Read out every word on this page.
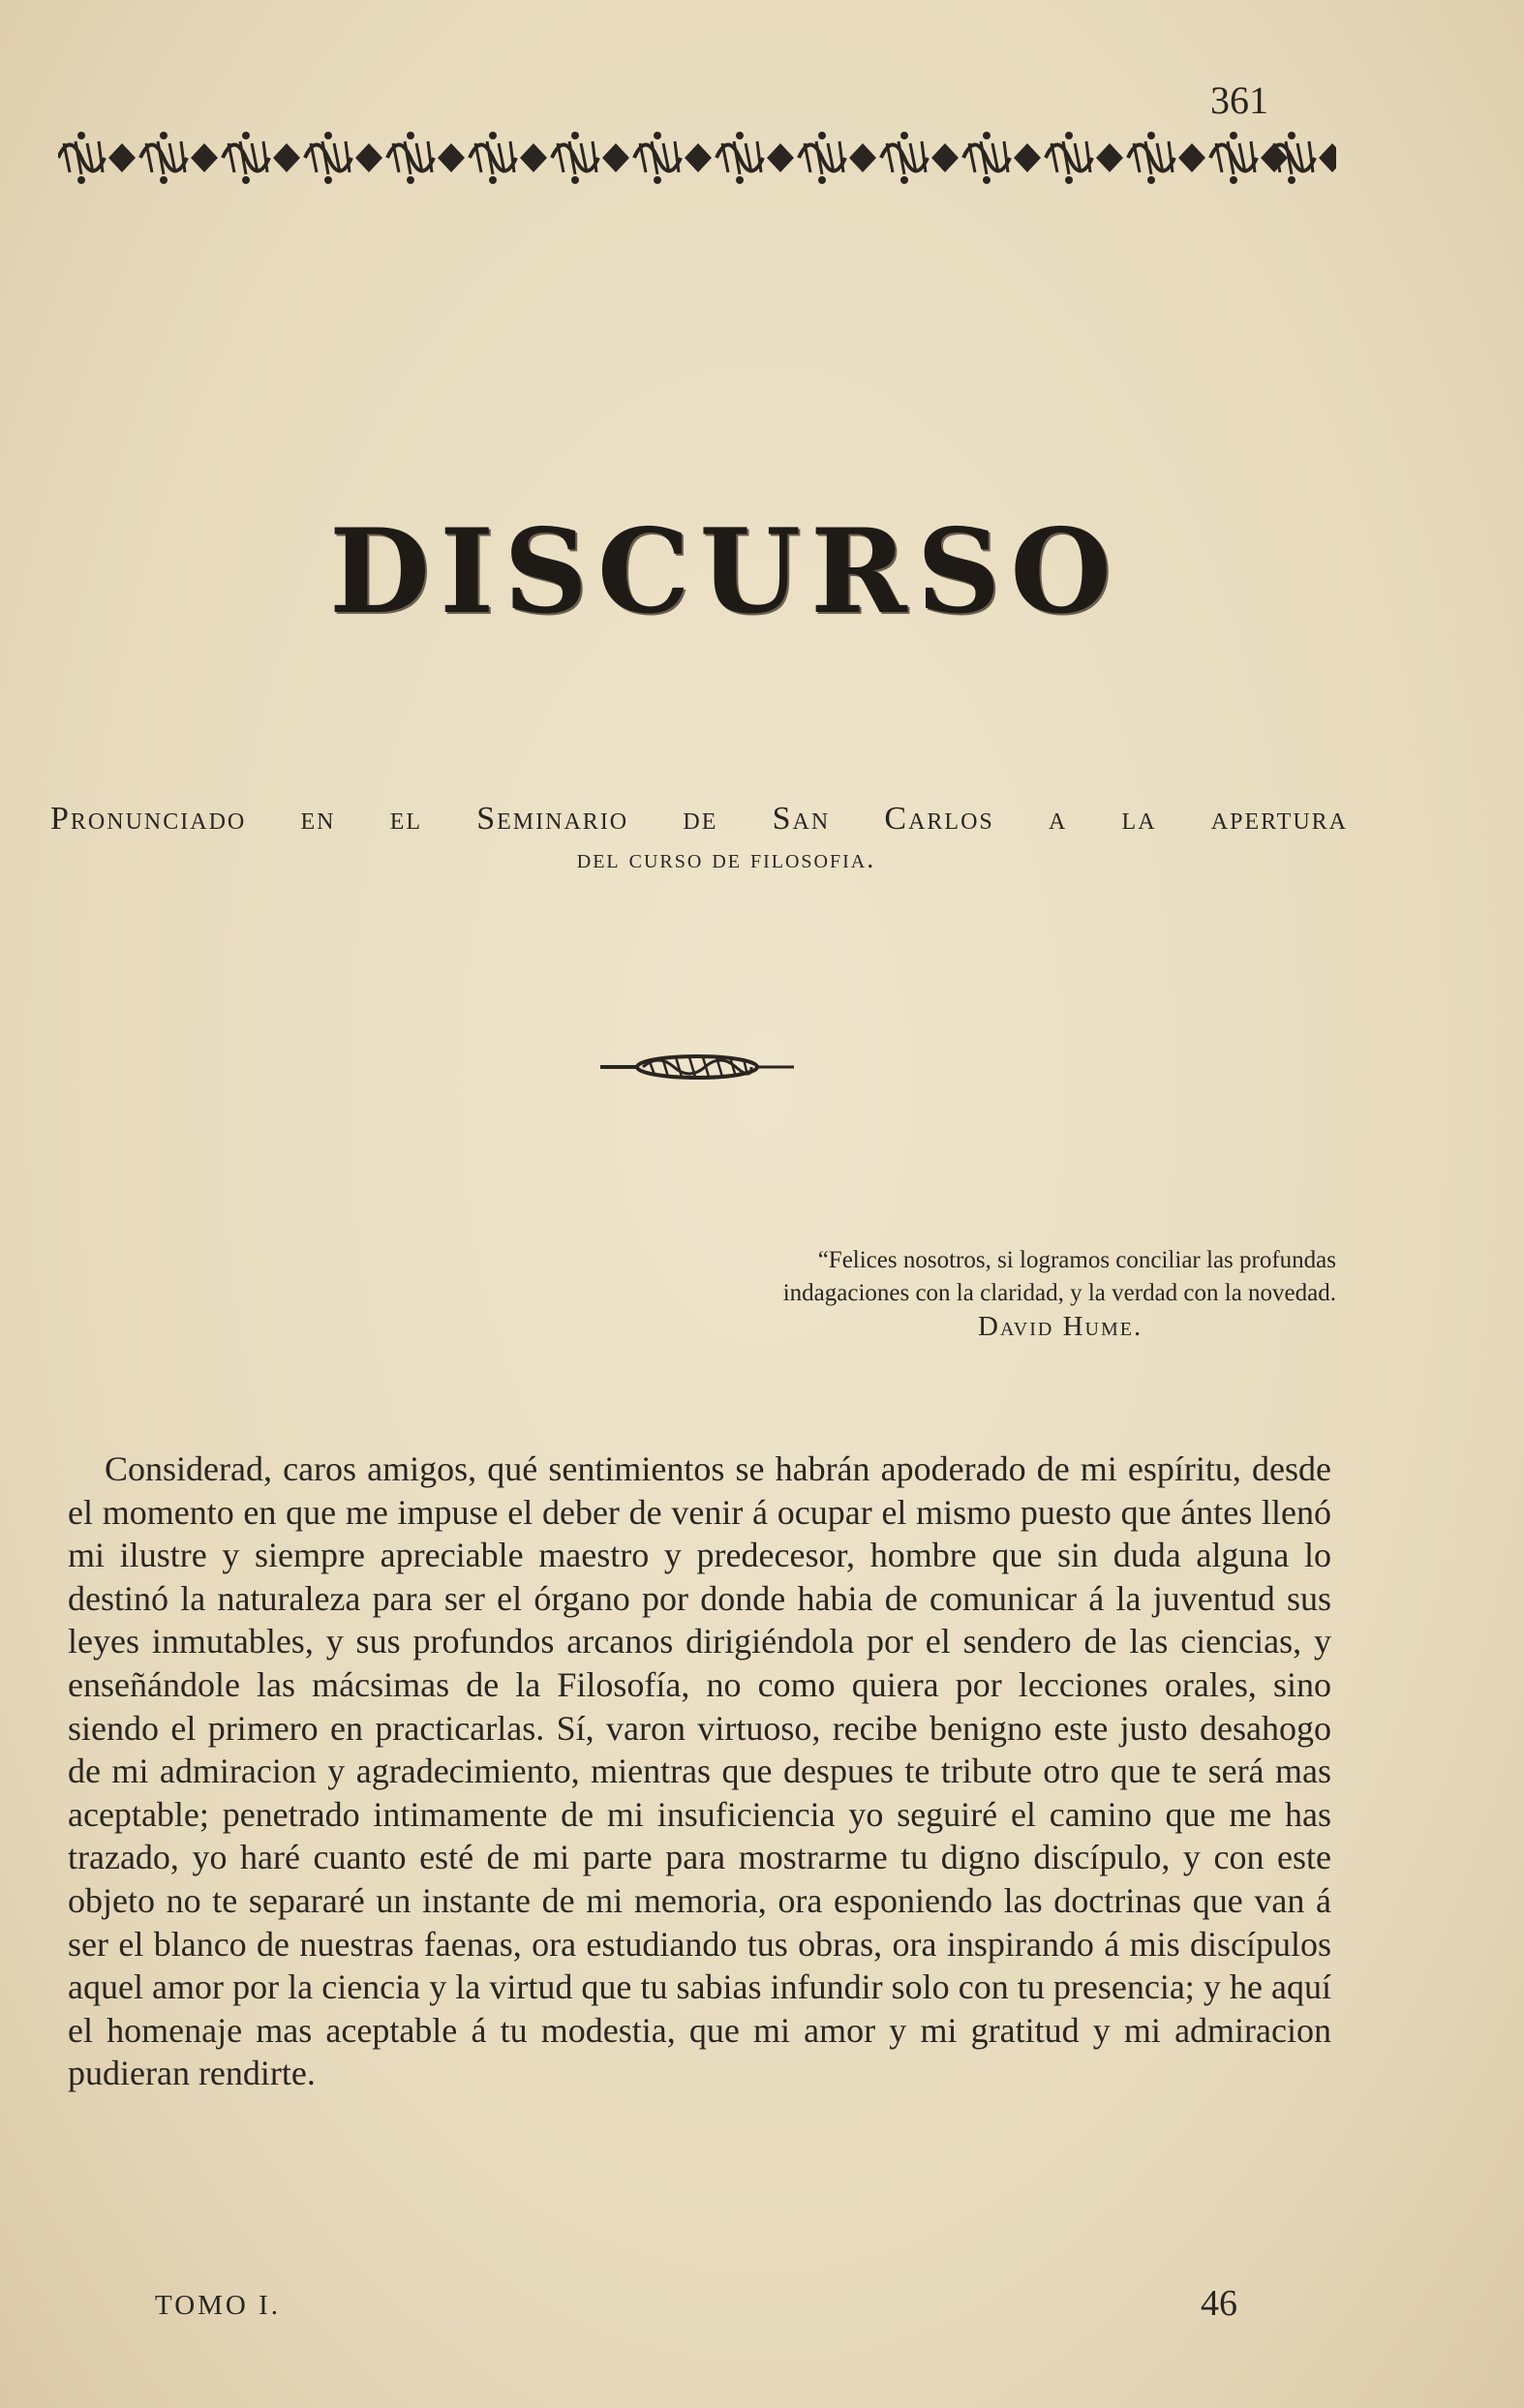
361
DISCURSO
Pronunciado en el Seminario de San Carlos a la apertura
del curso de filosofia.
“Felices nosotros, si logramos conciliar las profundas
indagaciones con la claridad, y la verdad con la novedad.
David Hume.

Considerad, caros amigos, qué sentimientos se habrán apoderado de mi espíritu, desde el momento en que me impuse el deber de venir á ocupar el mismo puesto que ántes llenó mi ilustre y siempre apreciable maestro y predecesor, hombre que sin duda alguna lo destinó la naturaleza para ser el órgano por donde habia de comunicar á la juventud sus leyes inmutables, y sus profundos arcanos dirigiéndola por el sendero de las ciencias, y enseñándole las mácsimas de la Filosofía, no como quiera por lecciones orales, sino siendo el primero en practicarlas. Sí, varon virtuoso, recibe benigno este justo desahogo de mi admiracion y agradecimiento, mientras que despues te tribute otro que te será mas aceptable; penetrado intimamente de mi insuficiencia yo seguiré el camino que me has trazado, yo haré cuanto esté de mi parte para mostrarme tu digno discípulo, y con este objeto no te separaré un instante de mi memoria, ora esponiendo las doctrinas que van á ser el blanco de nuestras faenas, ora estudiando tus obras, ora inspirando á mis discípulos aquel amor por la ciencia y la virtud que tu sabias infundir solo con tu presencia; y he aquí el homenaje mas aceptable á tu modestia, que mi amor y mi gratitud y mi admiracion pudieran rendirte.

TOMO I.	46
